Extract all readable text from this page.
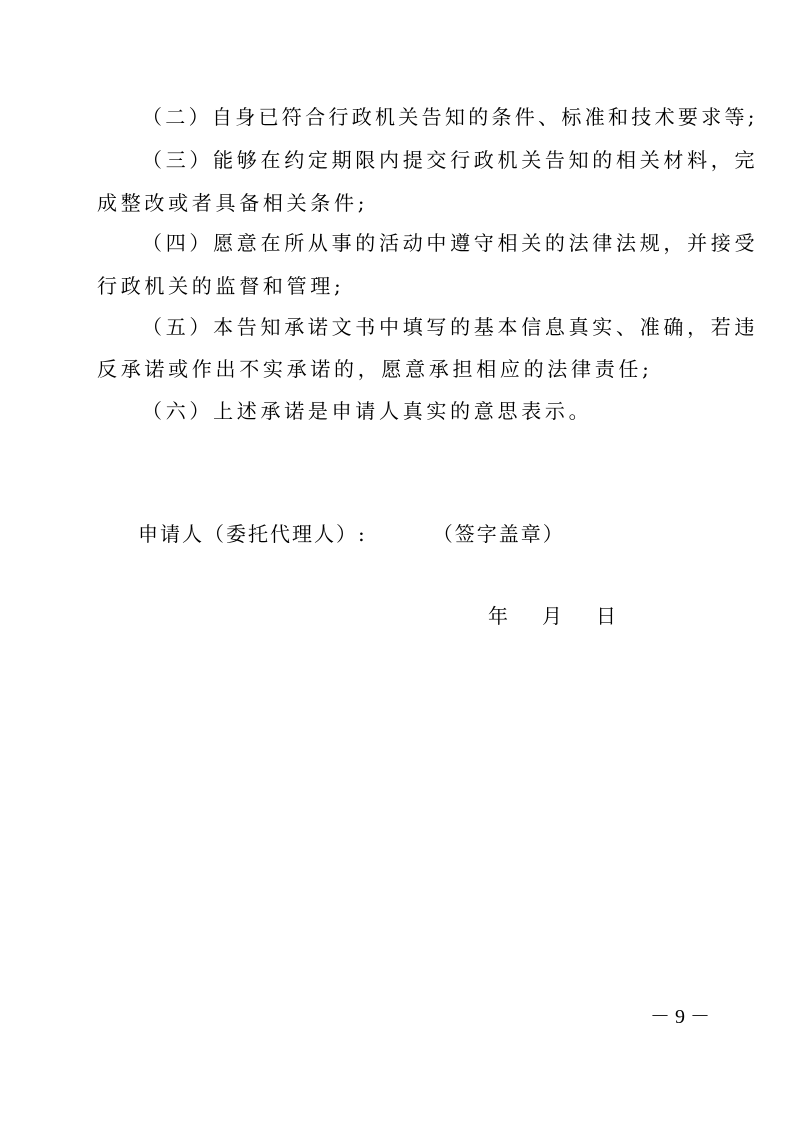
（二）自身已符合行政机关告知的条件、标准和技术要求等;
（三）能够在约定期限内提交行政机关告知的相关材料，完
成整改或者具备相关条件;
（四）愿意在所从事的活动中遵守相关的法律法规，并接受
行政机关的监督和管理;
（五）本告知承诺文书中填写的基本信息真实、准确，若违
反承诺或作出不实承诺的，愿意承担相应的法律责任;
（六）上述承诺是申请人真实的意思表示。
申请人（委托代理人）:	（签字盖章）
年 月 日
－ 9 －
